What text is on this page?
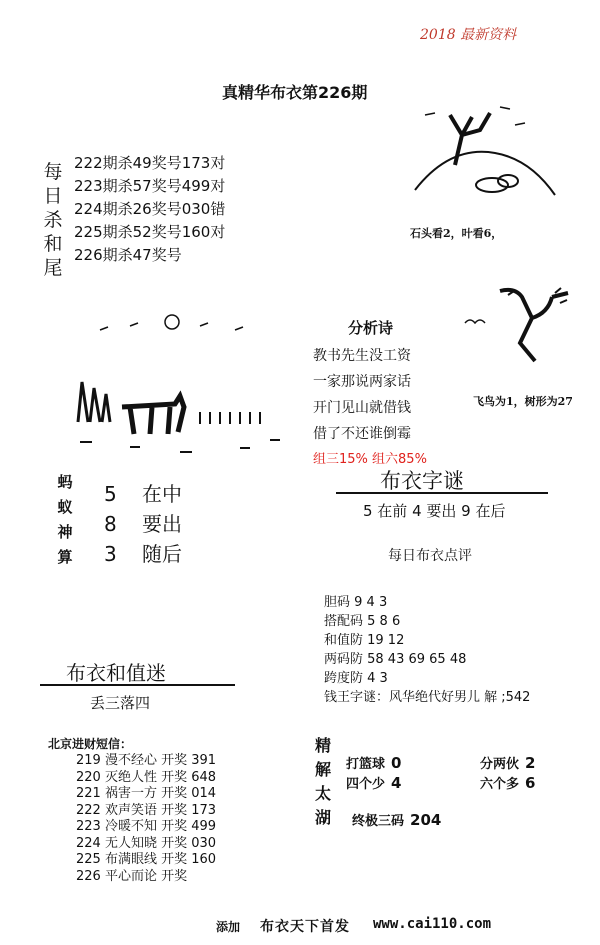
2018 最新资料
真精华布衣第226期
每日杀和尾
222期杀49奖号173对
223期杀57奖号499对
224期杀26奖号030错
225期杀52奖号160对
226期杀47奖号
石头看2，叶看6，
分析诗
教书先生没工资
一家那说两家话
开门见山就借钱
借了不还谁倒霉
组三15% 组六85%
飞鸟为1，树形为27
蚂蚁神算
5 在中
8 要出
3 随后
布衣字谜
5 在前 4 要出 9 在后
每日布衣点评
胆码 9 4 3
搭配码 5 8 6
和值防 19 12
两码防 58 43 69 65 48
跨度防 4 3
钱王字谜：风华绝代好男儿 解 ;542
布衣和值迷
丢三落四
北京进财短信：
219 漫不经心 开奖 391
220 灭绝人性 开奖 648
221 祸害一方 开奖 014
222 欢声笑语 开奖 173
223 冷暖不知 开奖 499
224 无人知晓 开奖 030
225 布满眼线 开奖 160
226 平心而论 开奖
精解太湖
打篮球 0	分两伙 2
四个少 4	六个多 6
终极三码 204
添加 布衣天下首发 www.cai110.com
